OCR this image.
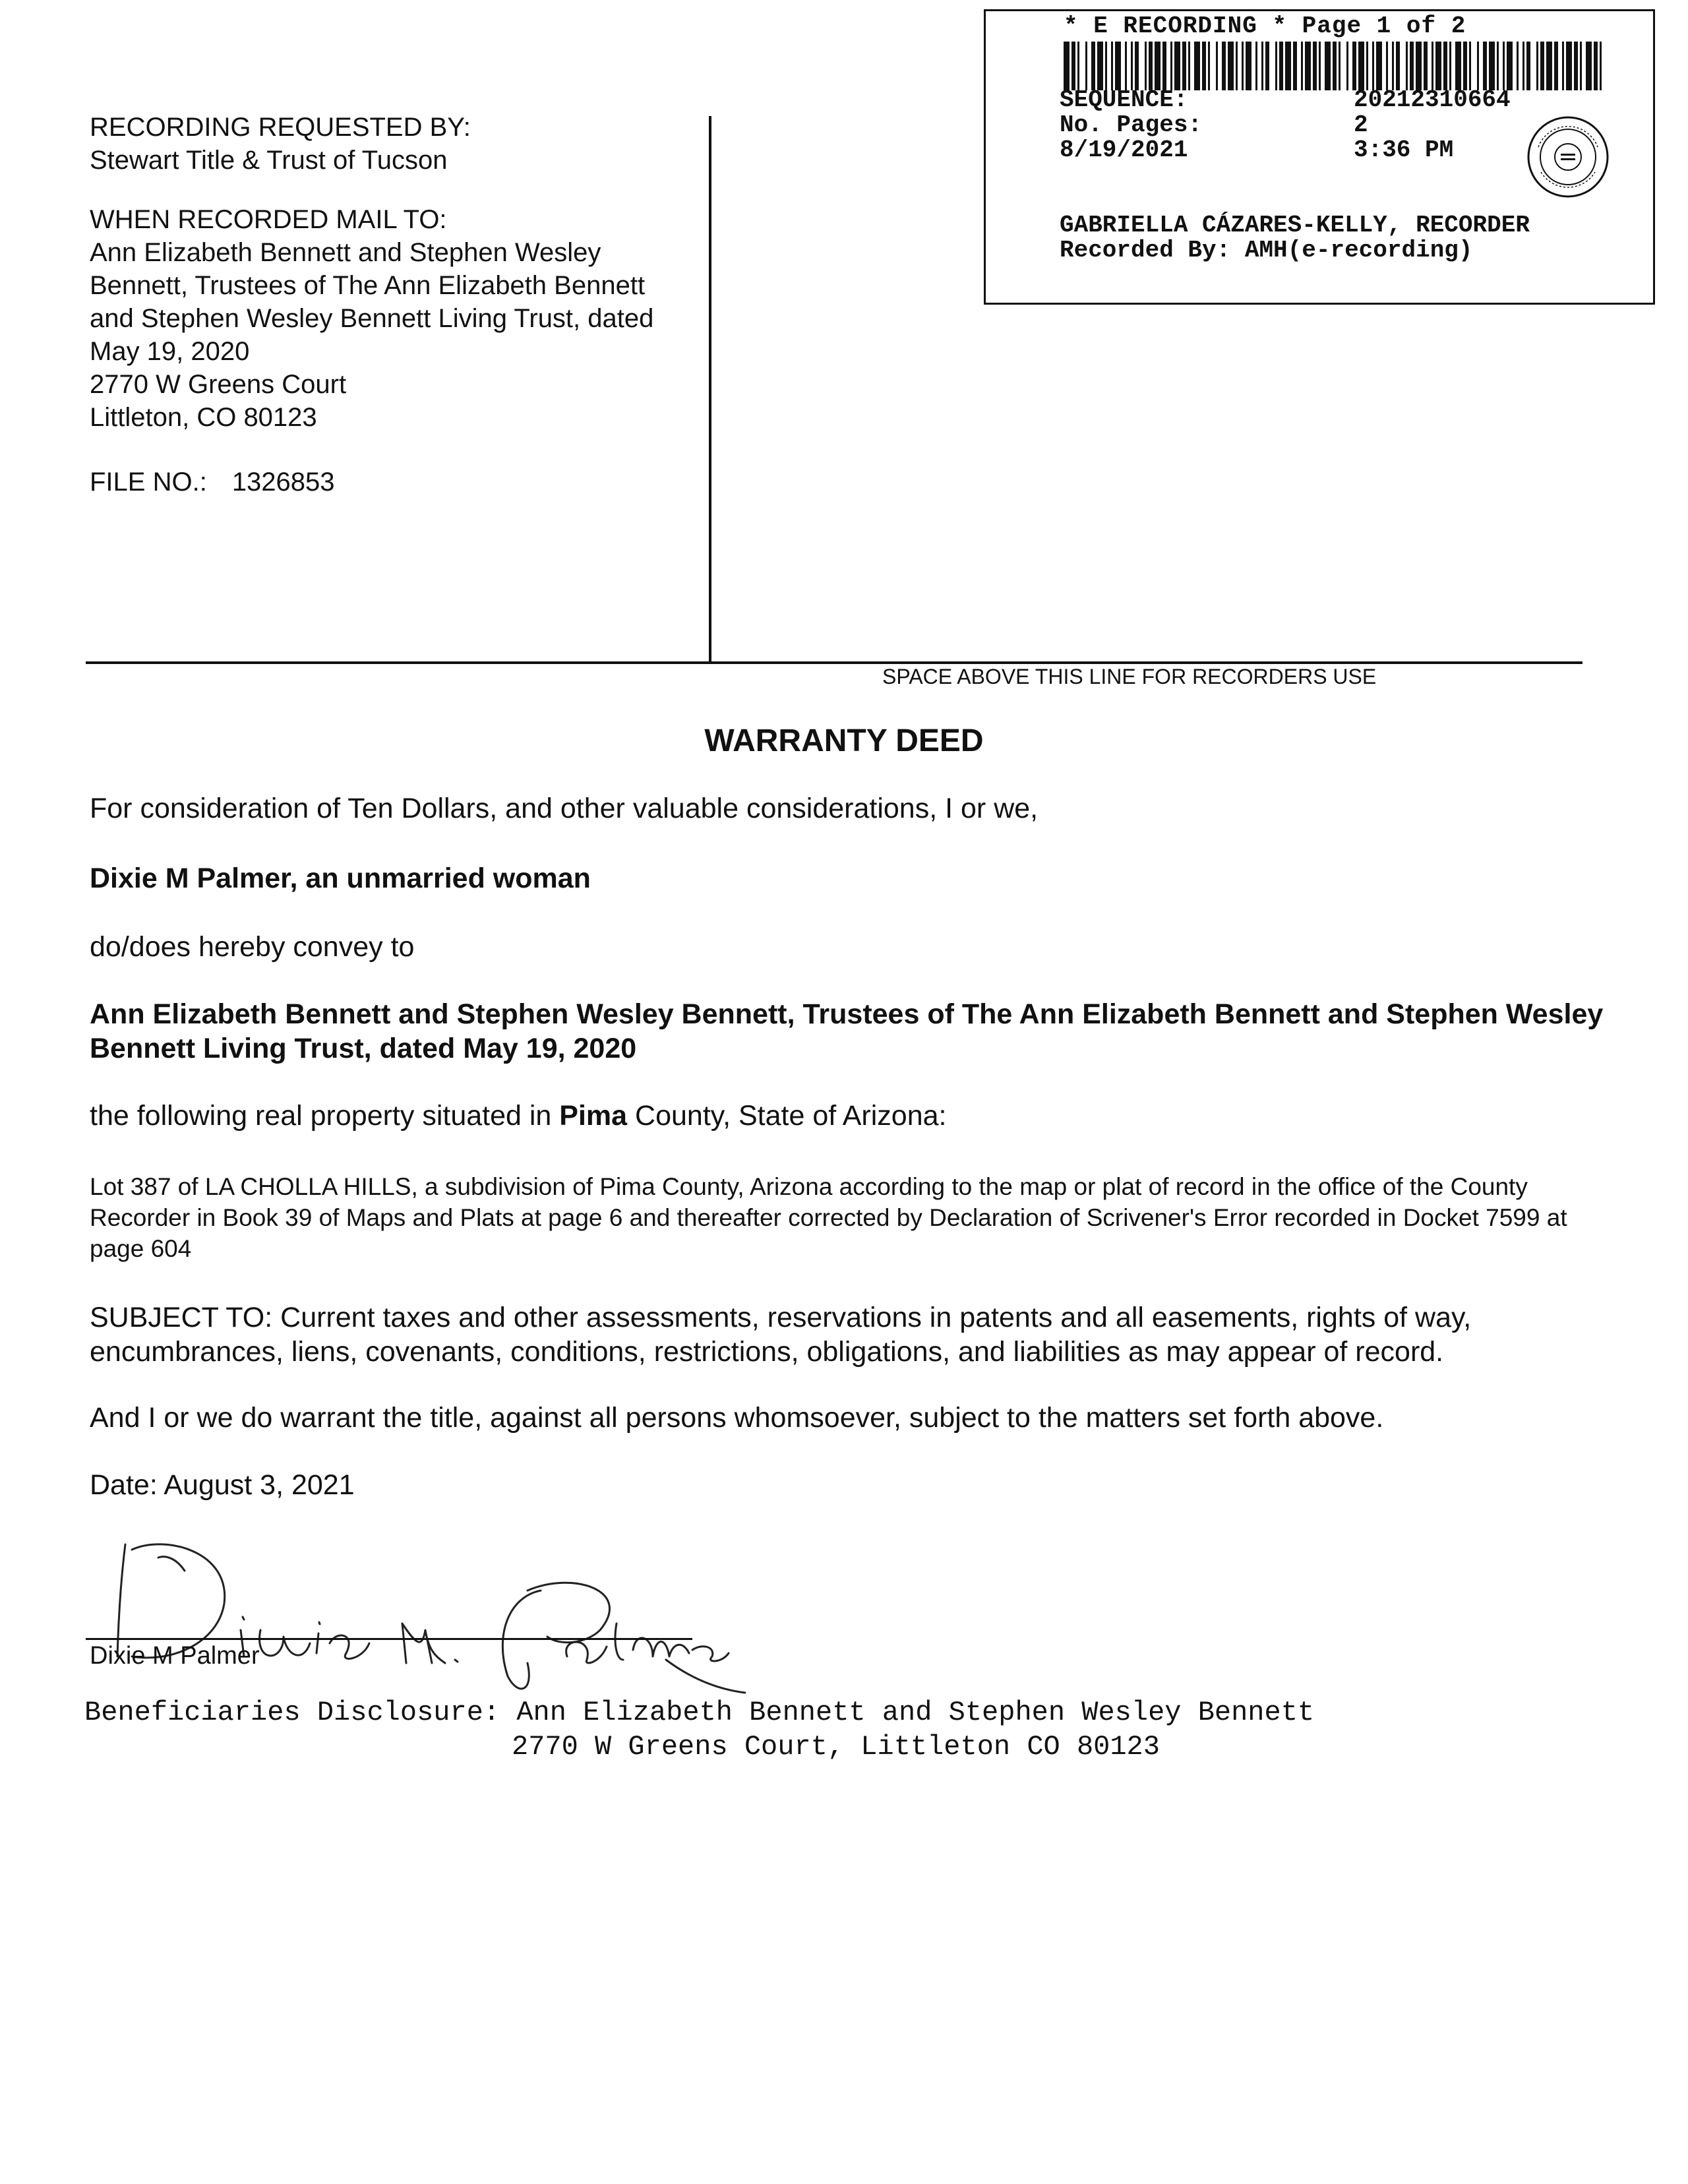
* E RECORDING * Page 1 of 2
SEQUENCE:	20212310664
No. Pages:	2
8/19/2021	3:36 PM
GABRIELLA CÁZARES-KELLY, RECORDER
Recorded By: AMH(e-recording)

RECORDING REQUESTED BY:

Stewart Title & Trust of Tucson

WHEN RECORDED MAIL TO:

Ann Elizabeth Bennett and Stephen Wesley

Bennett, Trustees of The Ann Elizabeth Bennett

and Stephen Wesley Bennett Living Trust, dated

May 19, 2020

2770 W Greens Court

Littleton, CO 80123

FILE NO.: 1326853

SPACE ABOVE THIS LINE FOR RECORDERS USE
WARRANTY DEED

For consideration of Ten Dollars, and other valuable considerations, I or we,

Dixie M Palmer, an unmarried woman

do/does hereby convey to

Ann Elizabeth Bennett and Stephen Wesley Bennett, Trustees of The Ann Elizabeth Bennett and Stephen Wesley Bennett Living Trust, dated May 19, 2020

the following real property situated in Pima County, State of Arizona:

Lot 387 of LA CHOLLA HILLS, a subdivision of Pima County, Arizona according to the map or plat of record in the office of the County Recorder in Book 39 of Maps and Plats at page 6 and thereafter corrected by Declaration of Scrivener's Error recorded in Docket 7599 at page 604

SUBJECT TO: Current taxes and other assessments, reservations in patents and all easements, rights of way, encumbrances, liens, covenants, conditions, restrictions, obligations, and liabilities as may appear of record.

And I or we do warrant the title, against all persons whomsoever, subject to the matters set forth above.

Date: August 3, 2021

Dixie M Palmer
Dixie M Palmer
Beneficiaries Disclosure: Ann Elizabeth Bennett and Stephen Wesley Bennett
2770 W Greens Court, Littleton CO 80123
